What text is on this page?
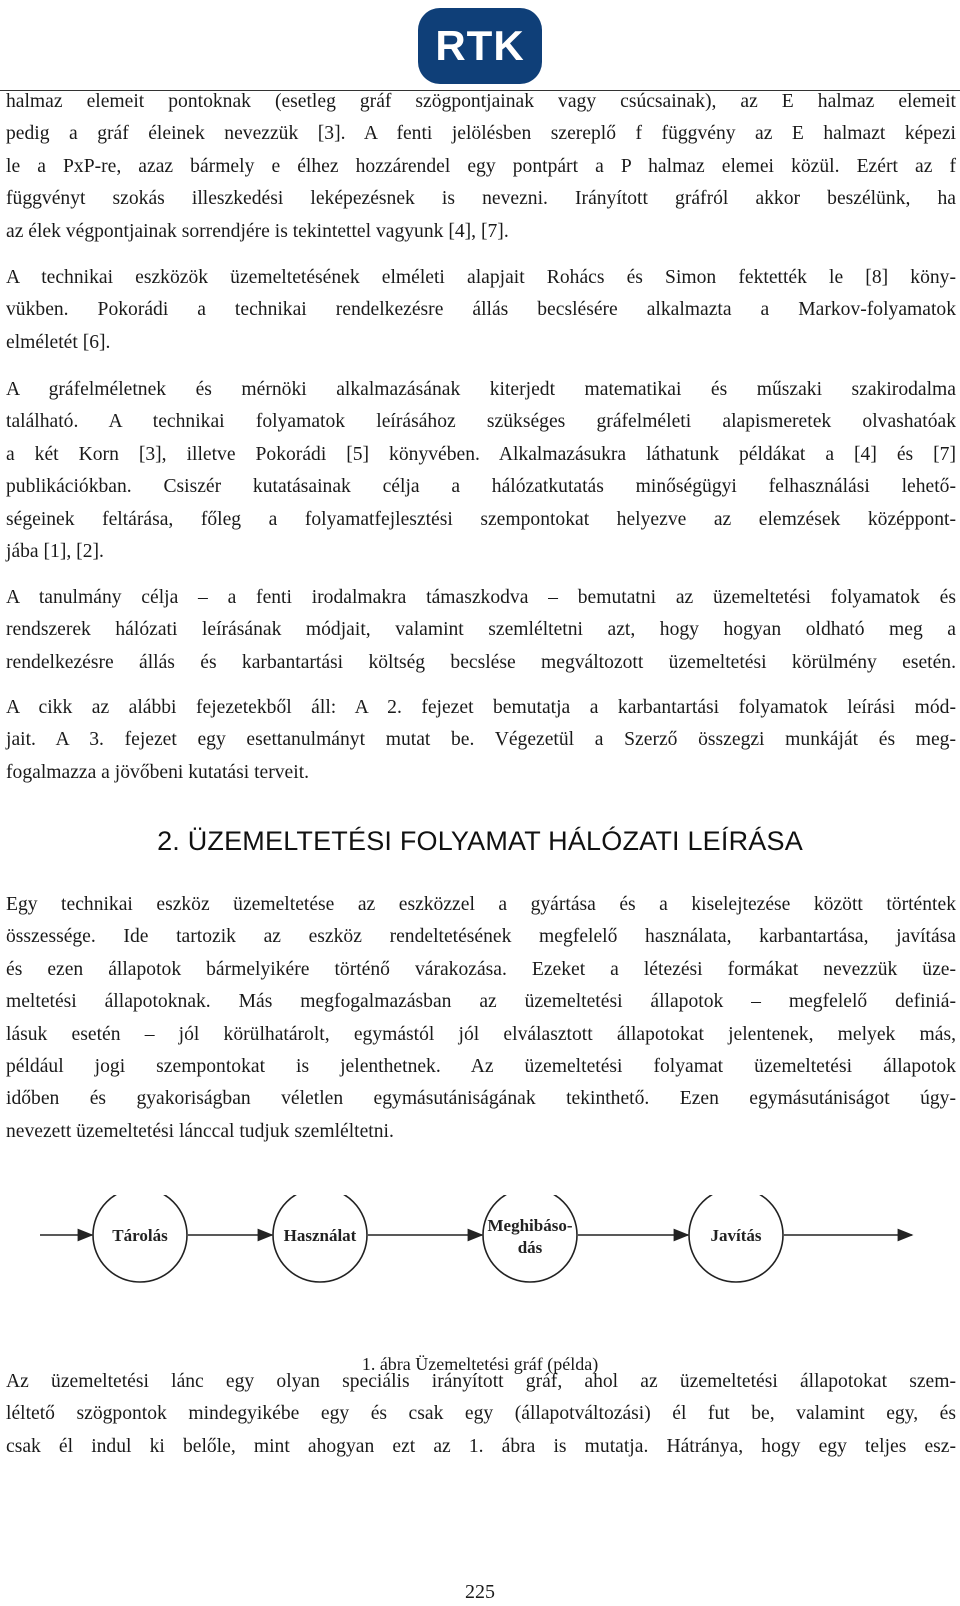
RTK

halmaz elemeit pontoknak (esetleg gráf szögpontjainak vagy csúcsainak), az E halmaz elemeit

pedig a gráf éleinek nevezzük [3]. A fenti jelölésben szereplő f függvény az E halmazt képezi

le a PxP-re, azaz bármely e élhez hozzárendel egy pontpárt a P halmaz elemei közül. Ezért az f

függvényt szokás illeszkedési leképezésnek is nevezni. Irányított gráfról akkor beszélünk, ha

az élek végpontjainak sorrendjére is tekintettel vagyunk [4], [7].

A technikai eszközök üzemeltetésének elméleti alapjait Rohács és Simon fektették le [8] köny-

vükben. Pokorádi a technikai rendelkezésre állás becslésére alkalmazta a Markov-folyamatok

elméletét [6].

A gráfelméletnek és mérnöki alkalmazásának kiterjedt matematikai és műszaki szakirodalma

található. A technikai folyamatok leírásához szükséges gráfelméleti alapismeretek olvashatóak

a két Korn [3], illetve Pokorádi [5] könyvében. Alkalmazásukra láthatunk példákat a [4] és [7]

publikációkban. Csiszér kutatásainak célja a hálózatkutatás minőségügyi felhasználási lehető-

ségeinek feltárása, főleg a folyamatfejlesztési szempontokat helyezve az elemzések középpont-

jába [1], [2].

A tanulmány célja – a fenti irodalmakra támaszkodva – bemutatni az üzemeltetési folyamatok és

rendszerek hálózati leírásának módjait, valamint szemléltetni azt, hogy hogyan oldható meg a

rendelkezésre állás és karbantartási költség becslése megváltozott üzemeltetési körülmény esetén.

A cikk az alábbi fejezetekből áll: A 2. fejezet bemutatja a karbantartási folyamatok leírási mód-

jait. A 3. fejezet egy esettanulmányt mutat be. Végezetül a Szerző összegzi munkáját és meg-

fogalmazza a jövőbeni kutatási terveit.

2. ÜZEMELTETÉSI FOLYAMAT HÁLÓZATI LEÍRÁSA

Egy technikai eszköz üzemeltetése az eszközzel a gyártása és a kiselejtezése között történtek

összessége. Ide tartozik az eszköz rendeltetésének megfelelő használata, karbantartása, javítása

és ezen állapotok bármelyikére történő várakozása. Ezeket a létezési formákat nevezzük üze-

meltetési állapotoknak. Más megfogalmazásban az üzemeltetési állapotok – megfelelő definiá-

lásuk esetén – jól körülhatárolt, egymástól jól elválasztott állapotokat jelentenek, melyek más,

például jogi szempontokat is jelenthetnek. Az üzemeltetési folyamat üzemeltetési állapotok

időben és gyakoriságban véletlen egymásutániságának tekinthető. Ezen egymásutániságot úgy-

nevezett üzemeltetési lánccal tudjuk szemléltetni.

Tárolás	Használat
Meghibáso-
dás
Javítás
1. ábra Üzemeltetési gráf (példa)

Az üzemeltetési lánc egy olyan speciális irányított gráf, ahol az üzemeltetési állapotokat szem-

léltető szögpontok mindegyikébe egy és csak egy (állapotváltozási) él fut be, valamint egy, és

csak él indul ki belőle, mint ahogyan ezt az 1. ábra is mutatja. Hátránya, hogy egy teljes esz-

225
